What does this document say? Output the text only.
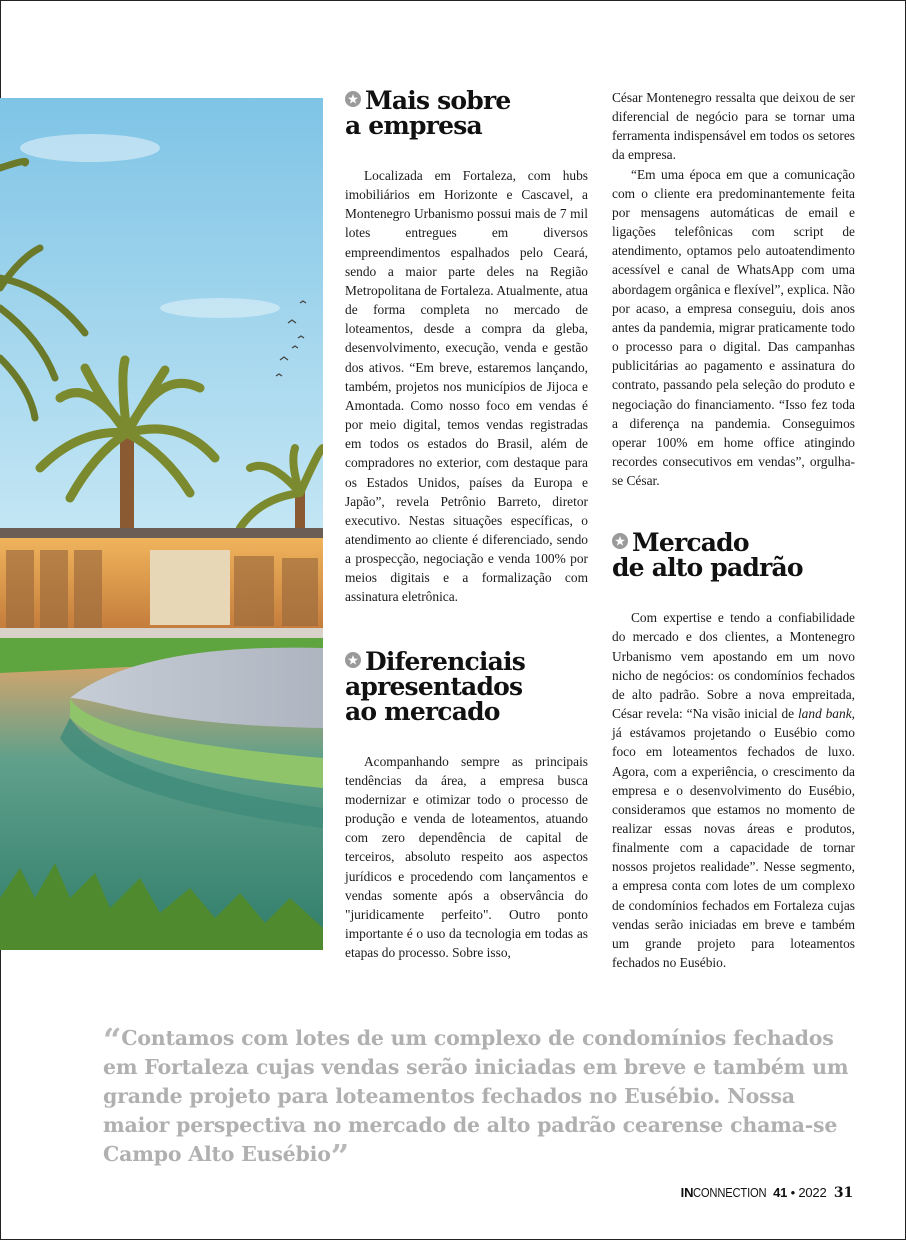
Mais sobre
a empresa

Localizada em Fortaleza, com hubs imobiliários em Horizonte e Cascavel, a Montenegro Urbanismo possui mais de 7 mil lotes entregues em diversos empreendimentos espalhados pelo Ceará, sendo a maior parte deles na Região Metropolitana de Fortaleza. Atualmente, atua de forma completa no mercado de loteamentos, desde a compra da gleba, desenvolvimento, execução, venda e gestão dos ativos. “Em breve, estaremos lançando, também, projetos nos municípios de Jijoca e Amontada. Como nosso foco em vendas é por meio digital, temos vendas registradas em todos os estados do Brasil, além de compradores no exterior, com destaque para os Estados Unidos, países da Europa e Japão”, revela Petrônio Barreto, diretor executivo. Nestas situações específicas, o atendimento ao cliente é diferenciado, sendo a prospecção, negociação e venda 100% por meios digitais e a formalização com assinatura eletrônica.

Diferenciais
apresentados
ao mercado

Acompanhando sempre as principais tendências da área, a empresa busca modernizar e otimizar todo o processo de produção e venda de loteamentos, atuando com zero dependência de capital de terceiros, absoluto respeito aos aspectos jurídicos e procedendo com lançamentos e vendas somente após a observância do "juridicamente perfeito". Outro ponto importante é o uso da tecnologia em todas as etapas do processo. Sobre isso,

César Montenegro ressalta que deixou de ser diferencial de negócio para se tornar uma ferramenta indispensável em todos os setores da empresa.

“Em uma época em que a comunicação com o cliente era predominantemente feita por mensagens automáticas de email e ligações telefônicas com script de atendimento, optamos pelo autoatendimento acessível e canal de WhatsApp com uma abordagem orgânica e flexível”, explica. Não por acaso, a empresa conseguiu, dois anos antes da pandemia, migrar praticamente todo o processo para o digital. Das campanhas publicitárias ao pagamento e assinatura do contrato, passando pela seleção do produto e negociação do financiamento. “Isso fez toda a diferença na pandemia. Conseguimos operar 100% em home office atingindo recordes consecutivos em vendas”, orgulha-se César.

Mercado
de alto padrão

Com expertise e tendo a confiabilidade do mercado e dos clientes, a Montenegro Urbanismo vem apostando em um novo nicho de negócios: os condomínios fechados de alto padrão. Sobre a nova empreitada, César revela: “Na visão inicial de land bank, já estávamos projetando o Eusébio como foco em loteamentos fechados de luxo. Agora, com a experiência, o crescimento da empresa e o desenvolvimento do Eusébio, consideramos que estamos no momento de realizar essas novas áreas e produtos, finalmente com a capacidade de tornar nossos projetos realidade”. Nesse segmento, a empresa conta com lotes de um complexo de condomínios fechados em Fortaleza cujas vendas serão iniciadas em breve e também um grande projeto para loteamentos fechados no Eusébio.

“Contamos com lotes de um complexo de condomínios fechados em Fortaleza cujas vendas serão iniciadas em breve e também um grande projeto para loteamentos fechados no Eusébio. Nossa maior perspectiva no mercado de alto padrão cearense chama-se Campo Alto Eusébio”
INCONNECTION 41 • 2022 31
